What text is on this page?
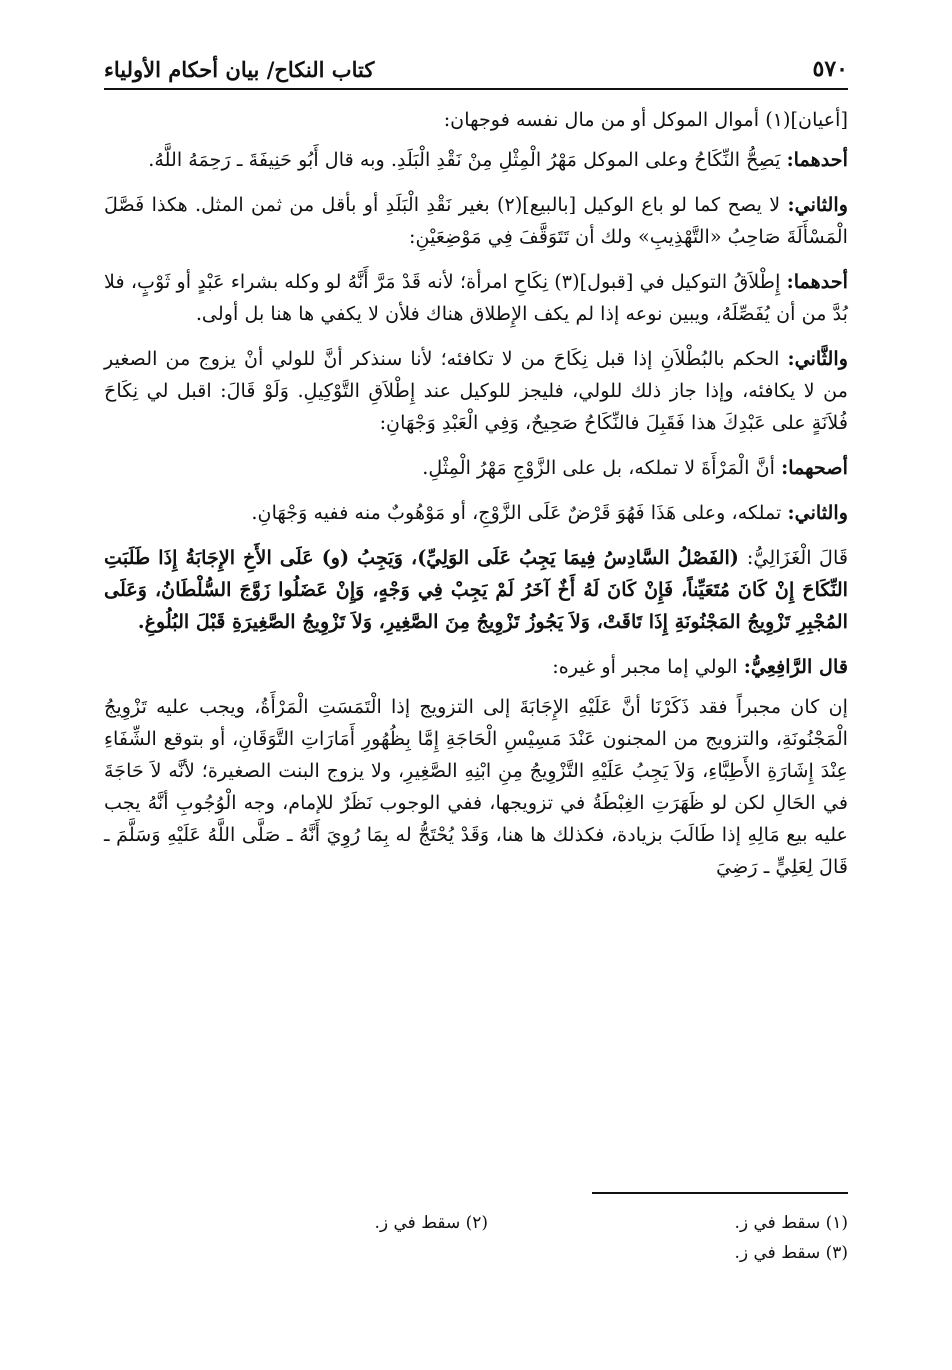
٥٧٠
كتاب النكاح/ بيان أحكام الأولياء

[أعيان](١) أموال الموكل أو من مال نفسه فوجهان:

أحدهما: يَصِحُّ النِّكَاحُ وعلى الموكل مَهْرُ الْمِثْلِ مِنْ نَقْدِ الْبَلَدِ. وبه قال أَبُو حَنِيفَةَ ـ رَحِمَهُ اللَّهُ.

والثاني: لا يصح كما لو باع الوكيل [بالبيع](٢) بغير نَقْدِ الْبَلَدِ أو بأقل من ثمن المثل. هكذا فَصَّلَ الْمَسْأَلَةَ صَاحِبُ «التَّهْذِيبِ» ولك أن تَتَوَقَّفَ فِي مَوْضِعَيْنِ:

أحدهما: إِطْلاَقُ التوكيل في [قبول](٣) نِكَاحِ امرأة؛ لأنه قَدْ مَرَّ أَنَّهُ لو وكله بشراء عَبْدٍ أو ثَوْبٍ، فلا بُدَّ من أن يُفَصِّلَهُ، ويبين نوعه إذا لم يكف الإِطلاق هناك فلأن لا يكفي ها هنا بل أولى.

والثَّاني: الحكم بالبُطْلاَنِ إذا قبل نِكَاحَ من لا تكافئه؛ لأنا سنذكر أنَّ للولي أنْ يزوج من الصغير من لا يكافئه، وإذا جاز ذلك للولي، فليجز للوكيل عند إِطْلاَقِ التَّوْكِيلِ. وَلَوْ قَالَ: اقبل لي نِكَاحَ فُلاَنَةٍ على عَبْدِكَ هذا فَقَبِلَ فالنِّكَاحُ صَحِيحٌ، وَفِي الْعَبْدِ وَجْهَانِ:

أصحهما: أنَّ الْمَرْأَةَ لا تملكه، بل على الزَّوْجِ مَهْرُ الْمِثْلِ.

والثاني: تملكه، وعلى هَذَا فَهُوَ قَرْضٌ عَلَى الزَّوْجِ، أو مَوْهُوبٌ منه ففيه وَجْهَانِ.

قَالَ الْغَزَالِيُّ: (الفَصْلُ السَّادِسُ فِيمَا يَجِبُ عَلَى الوَلِيِّ)، وَيَجِبُ (و) عَلَى الأَخِ الإِجَابَةُ إِذَا طَلَبَتِ النِّكَاحَ إِنْ كَانَ مُتَعَيِّناً، فَإِنْ كَانَ لَهُ أَخٌ آخَرُ لَمْ يَجِبْ فِي وَجْهٍ، وَإِنْ عَضَلُوا زَوَّجَ السُّلْطَانُ، وَعَلَى المُجْبِرِ تَزْوِيجُ المَجْنُونَةِ إِذَا تَاقَتْ، وَلاَ يَجُوزُ تَزْوِيجُ مِنَ الصَّغِيرِ، وَلاَ تَزْوِيجُ الصَّغِيرَةِ قَبْلَ البُلُوغِ.

قال الرَّافِعِيُّ: الولي إما مجبر أو غيره:

إن كان مجبراً فقد ذَكَرْنَا أنَّ عَلَيْهِ الإِجَابَةَ إلى التزويج إذا الْتَمَسَتِ الْمَرْأَةُ، ويجب عليه تَزْوِيجُ الْمَجْنُونَةِ، والتزويج من المجنون عَنْدَ مَسِيْسِ الْحَاجَةِ إِمَّا بِظُهُورِ أَمَارَاتِ التَّوَقَانِ، أو بتوقع الشِّفَاءِ عِنْدَ إِشَارَةِ الأَطِبَّاءِ، وَلاَ يَجِبُ عَلَيْهِ التَّزْوِيجُ مِنِ ابْنِهِ الصَّغِيرِ، ولا يزوج البنت الصغيرة؛ لأنَّه لاَ حَاجَةَ في الحَالِ لكن لو ظَهَرَتِ الغِبْطَةُ في تزويجها، ففي الوجوب نَظَرٌ للإمام، وجه الْوُجُوبِ أنَّهُ يجب عليه بيع مَالِهِ إذا طَالَبَ بزيادة، فكذلك ها هنا، وَقَدْ يُحْتَجُّ له بِمَا رُوِيَ أَنَّهُ ـ صَلَّى اللَّهُ عَلَيْهِ وَسَلَّمَ ـ قَالَ لِعَلِيٍّ ـ رَضِيَ

(١) سقط في ز.
(٢) سقط في ز.
(٣) سقط في ز.
